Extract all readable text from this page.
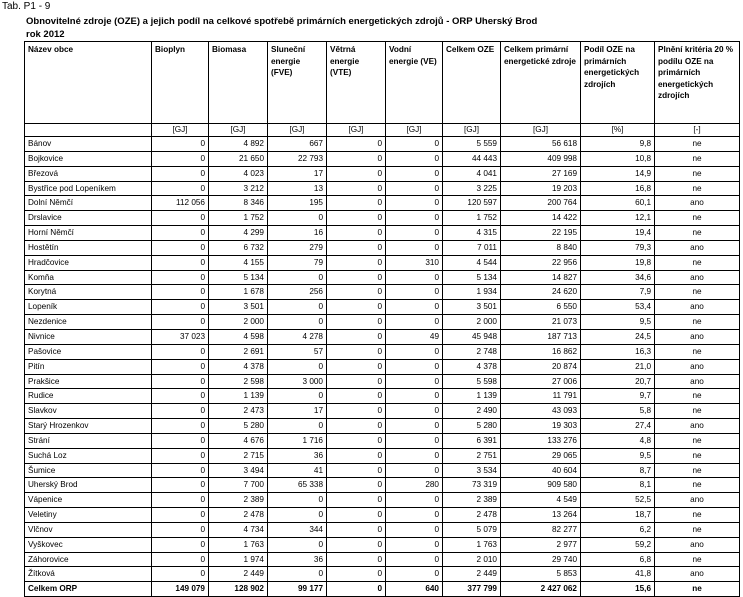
Tab. P1 - 9
Obnovitelné zdroje (OZE) a jejich podíl na celkové spotřebě primárních energetických zdrojů - ORP Uherský Brod
rok 2012
Název obce	Bioplyn	Biomasa	Sluneční energie (FVE)	Větrná energie (VTE)	Vodní energie (VE)	Celkem OZE	Celkem primární energetické zdroje	Podíl OZE na primárních energetických zdrojích	Plnění kritéria 20 % podílu OZE na primárních energetických zdrojích
	[GJ]	[GJ]	[GJ]	[GJ]	[GJ]	[GJ]	[GJ]	[%]	[-]
Bánov	0	4 892	667	0	0	5 559	56 618	9,8	ne
Bojkovice	0	21 650	22 793	0	0	44 443	409 998	10,8	ne
Březová	0	4 023	17	0	0	4 041	27 169	14,9	ne
Bystřice pod Lopeníkem	0	3 212	13	0	0	3 225	19 203	16,8	ne
Dolní Němčí	112 056	8 346	195	0	0	120 597	200 764	60,1	ano
Drslavice	0	1 752	0	0	0	1 752	14 422	12,1	ne
Horní Němčí	0	4 299	16	0	0	4 315	22 195	19,4	ne
Hostětín	0	6 732	279	0	0	7 011	8 840	79,3	ano
Hradčovice	0	4 155	79	0	310	4 544	22 956	19,8	ne
Komňa	0	5 134	0	0	0	5 134	14 827	34,6	ano
Korytná	0	1 678	256	0	0	1 934	24 620	7,9	ne
Lopeník	0	3 501	0	0	0	3 501	6 550	53,4	ano
Nezdenice	0	2 000	0	0	0	2 000	21 073	9,5	ne
Nivnice	37 023	4 598	4 278	0	49	45 948	187 713	24,5	ano
Pašovice	0	2 691	57	0	0	2 748	16 862	16,3	ne
Pitín	0	4 378	0	0	0	4 378	20 874	21,0	ano
Prakšice	0	2 598	3 000	0	0	5 598	27 006	20,7	ano
Rudice	0	1 139	0	0	0	1 139	11 791	9,7	ne
Slavkov	0	2 473	17	0	0	2 490	43 093	5,8	ne
Starý Hrozenkov	0	5 280	0	0	0	5 280	19 303	27,4	ano
Strání	0	4 676	1 716	0	0	6 391	133 276	4,8	ne
Suchá Loz	0	2 715	36	0	0	2 751	29 065	9,5	ne
Šumice	0	3 494	41	0	0	3 534	40 604	8,7	ne
Uherský Brod	0	7 700	65 338	0	280	73 319	909 580	8,1	ne
Vápenice	0	2 389	0	0	0	2 389	4 549	52,5	ano
Veletiny	0	2 478	0	0	0	2 478	13 264	18,7	ne
Vlčnov	0	4 734	344	0	0	5 079	82 277	6,2	ne
Vyškovec	0	1 763	0	0	0	1 763	2 977	59,2	ano
Záhorovice	0	1 974	36	0	0	2 010	29 740	6,8	ne
Žítková	0	2 449	0	0	0	2 449	5 853	41,8	ano
Celkem ORP	149 079	128 902	99 177	0	640	377 799	2 427 062	15,6	ne
